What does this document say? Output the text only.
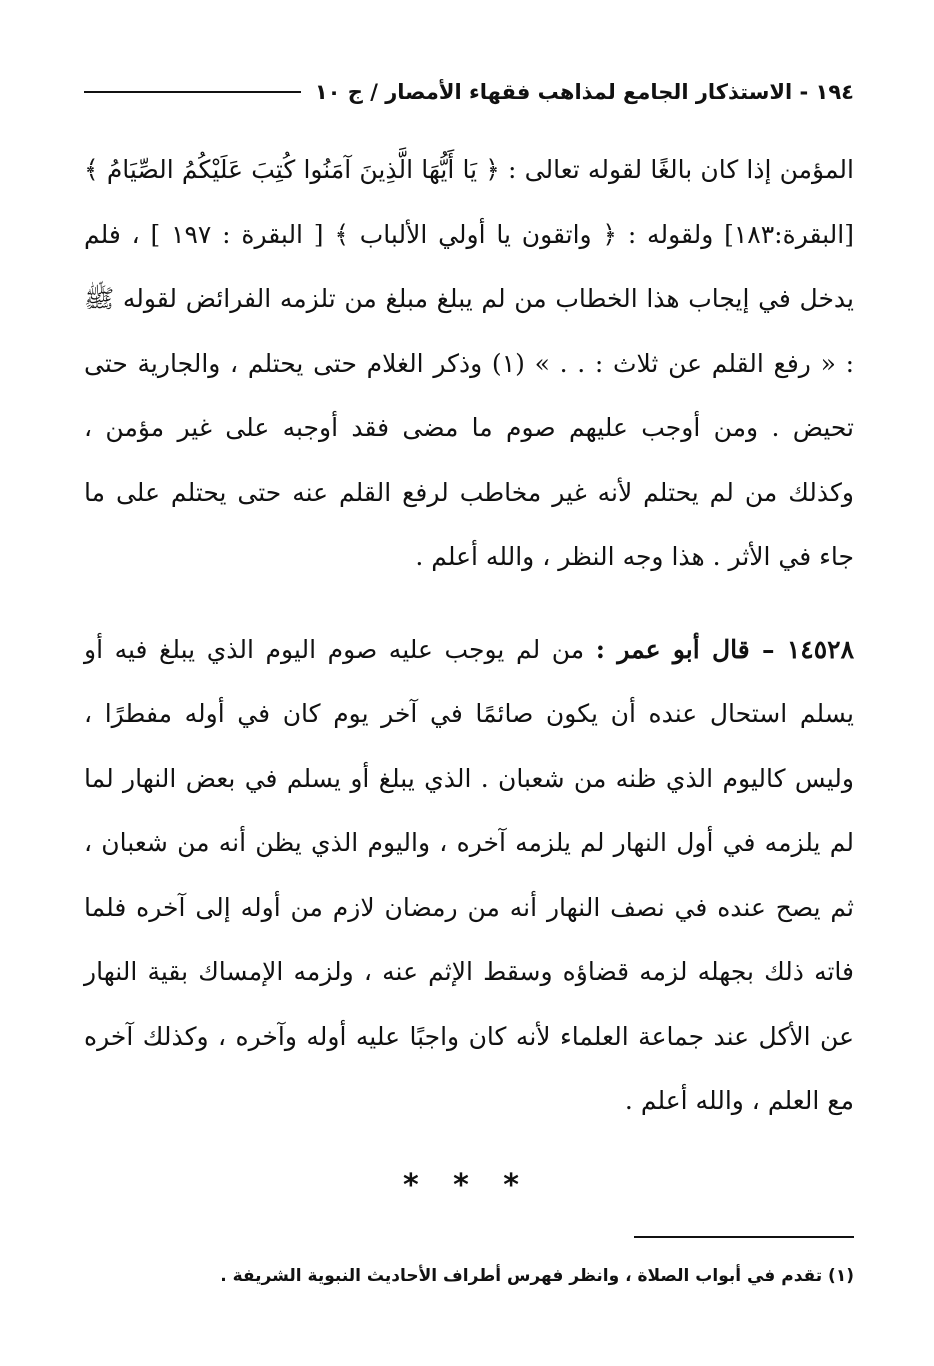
١٩٤ - الاستذكار الجامع لمذاهب فقهاء الأمصار / ج ١٠

المؤمن إذا كان بالغًا لقوله تعالى : ﴿ يَا أَيُّهَا الَّذِينَ آمَنُوا كُتِبَ عَلَيْكُمُ الصِّيَامُ ﴾ [البقرة:١٨٣] ولقوله : ﴿ واتقون يا أولي الألباب ﴾ [ البقرة : ١٩٧ ] ، فلم يدخل في إيجاب هذا الخطاب من لم يبلغ مبلغ من تلزمه الفرائض لقوله ﷺ : « رفع القلم عن ثلاث : . . » (١) وذكر الغلام حتى يحتلم ، والجارية حتى تحيض . ومن أوجب عليهم صوم ما مضى فقد أوجبه على غير مؤمن ، وكذلك من لم يحتلم لأنه غير مخاطب لرفع القلم عنه حتى يحتلم على ما جاء في الأثر . هذا وجه النظر ، والله أعلم .

١٤٥٢٨ – قال أبو عمر : من لم يوجب عليه صوم اليوم الذي يبلغ فيه أو يسلم استحال عنده أن يكون صائمًا في آخر يوم كان في أوله مفطرًا ، وليس كاليوم الذي ظنه من شعبان . الذي يبلغ أو يسلم في بعض النهار لما لم يلزمه في أول النهار لم يلزمه آخره ، واليوم الذي يظن أنه من شعبان ، ثم يصح عنده في نصف النهار أنه من رمضان لازم من أوله إلى آخره فلما فاته ذلك بجهله لزمه قضاؤه وسقط الإثم عنه ، ولزمه الإمساك بقية النهار عن الأكل عند جماعة العلماء لأنه كان واجبًا عليه أوله وآخره ، وكذلك آخره مع العلم ، والله أعلم .

* * *
(١) تقدم في أبواب الصلاة ، وانظر فهرس أطراف الأحاديث النبوية الشريفة .
